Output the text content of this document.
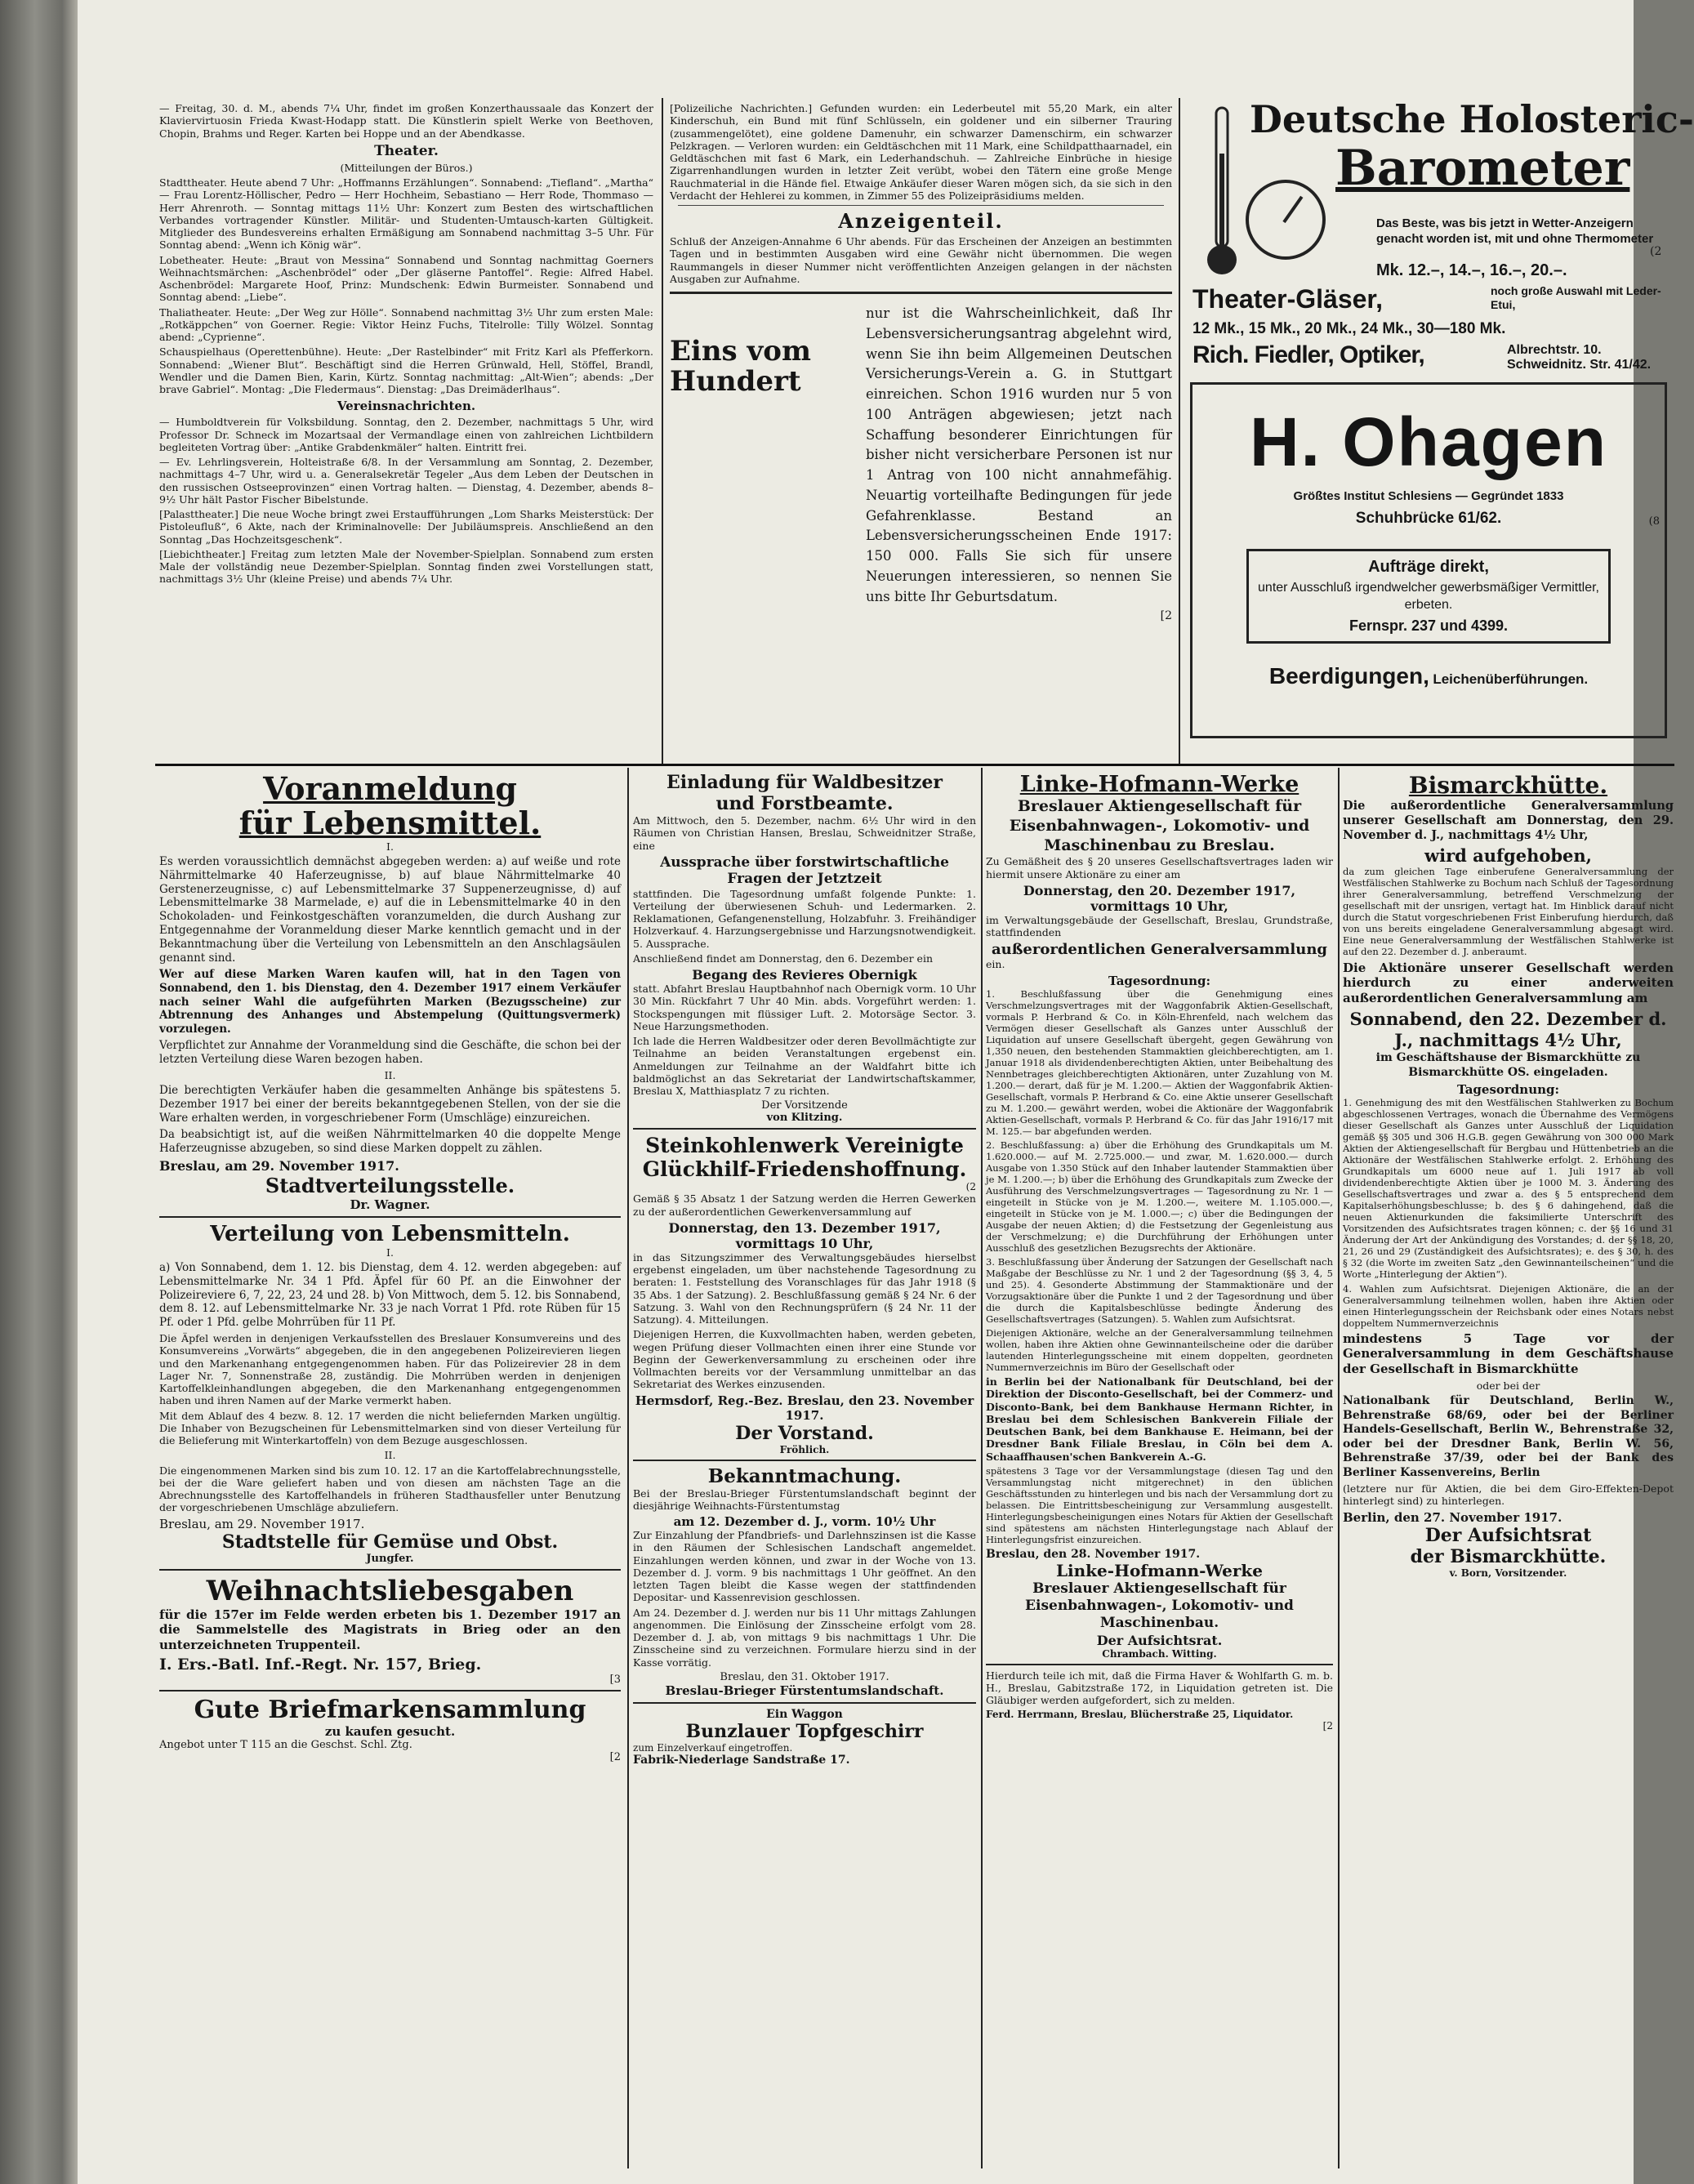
— Freitag, 30. d. M., abends 7¼ Uhr, findet im großen Konzerthaussaale das Konzert der Klaviervirtuosin Frieda Kwast-Hodapp statt. Die Künstlerin spielt Werke von Beethoven, Chopin, Brahms und Reger. Karten bei Hoppe und an der Abendkasse.

Theater.

(Mitteilungen der Büros.)

Stadttheater. Heute abend 7 Uhr: „Hoffmanns Erzählungen“. Sonnabend: „Tiefland“. „Martha“ — Frau Lorentz-Höllischer, Pedro — Herr Hochheim, Sebastiano — Herr Rode, Thommaso — Herr Ahrenroth. — Sonntag mittags 11½ Uhr: Konzert zum Besten des wirtschaftlichen Verbandes vortragender Künstler. Militär- und Studenten-Umtausch-karten Gültigkeit. Mitglieder des Bundesvereins erhalten Ermäßigung am Sonnabend nachmittag 3–5 Uhr. Für Sonntag abend: „Wenn ich König wär“.

Lobetheater. Heute: „Braut von Messina“ Sonnabend und Sonntag nachmittag Goerners Weihnachtsmärchen: „Aschenbrödel“ oder „Der gläserne Pantoffel“. Regie: Alfred Habel. Aschenbrödel: Margarete Hoof, Prinz: Mundschenk: Edwin Burmeister. Sonnabend und Sonntag abend: „Liebe“.

Thaliatheater. Heute: „Der Weg zur Hölle“. Sonnabend nachmittag 3½ Uhr zum ersten Male: „Rotkäppchen“ von Goerner. Regie: Viktor Heinz Fuchs, Titelrolle: Tilly Wölzel. Sonntag abend: „Cyprienne“.

Schauspielhaus (Operettenbühne). Heute: „Der Rastelbinder“ mit Fritz Karl als Pfefferkorn. Sonnabend: „Wiener Blut“. Beschäftigt sind die Herren Grünwald, Hell, Stöffel, Brandl, Wendler und die Damen Bien, Karin, Kürtz. Sonntag nachmittag: „Alt-Wien“; abends: „Der brave Gabriel“. Montag: „Die Fledermaus“. Dienstag: „Das Dreimäderlhaus“.

Vereinsnachrichten.

— Humboldtverein für Volksbildung. Sonntag, den 2. Dezember, nachmittags 5 Uhr, wird Professor Dr. Schneck im Mozartsaal der Vermandlage einen von zahlreichen Lichtbildern begleiteten Vortrag über: „Antike Grabdenkmäler“ halten. Eintritt frei.

— Ev. Lehrlingsverein, Holteistraße 6/8. In der Versammlung am Sonntag, 2. Dezember, nachmittags 4–7 Uhr, wird u. a. Generalsekretär Tegeler „Aus dem Leben der Deutschen in den russischen Ostseeprovinzen“ einen Vortrag halten. — Dienstag, 4. Dezember, abends 8–9½ Uhr hält Pastor Fischer Bibelstunde.

[Palasttheater.] Die neue Woche bringt zwei Erstaufführungen „Lom Sharks Meisterstück: Der Pistoleufluß“, 6 Akte, nach der Kriminalnovelle: Der Jubiläumspreis. Anschließend an den Sonntag „Das Hochzeitsgeschenk“.

[Liebichtheater.] Freitag zum letzten Male der November-Spielplan. Sonnabend zum ersten Male der vollständig neue Dezember-Spielplan. Sonntag finden zwei Vorstellungen statt, nachmittags 3½ Uhr (kleine Preise) und abends 7¼ Uhr.

[Polizeiliche Nachrichten.] Gefunden wurden: ein Lederbeutel mit 55,20 Mark, ein alter Kinderschuh, ein Bund mit fünf Schlüsseln, ein goldener und ein silberner Trauring (zusammengelötet), eine goldene Damenuhr, ein schwarzer Damenschirm, ein schwarzer Pelzkragen. — Verloren wurden: ein Geldtäschchen mit 11 Mark, eine Schildpatthaarnadel, ein Geldtäschchen mit fast 6 Mark, ein Lederhandschuh. — Zahlreiche Einbrüche in hiesige Zigarrenhandlungen wurden in letzter Zeit verübt, wobei den Tätern eine große Menge Rauchmaterial in die Hände fiel. Etwaige Ankäufer dieser Waren mögen sich, da sie sich in den Verdacht der Hehlerei zu kommen, in Zimmer 55 des Polizeipräsidiums melden.

Anzeigenteil.

Schluß der Anzeigen-Annahme 6 Uhr abends. Für das Erscheinen der Anzeigen an bestimmten Tagen und in bestimmten Ausgaben wird eine Gewähr nicht übernommen. Die wegen Raummangels in dieser Nummer nicht veröffentlichten Anzeigen gelangen in der nächsten Ausgaben zur Aufnahme.

Eins vom Hundert

nur ist die Wahrscheinlichkeit, daß Ihr Lebensversicherungsantrag abgelehnt wird, wenn Sie ihn beim Allgemeinen Deutschen Versicherungs-Verein a. G. in Stuttgart einreichen. Schon 1916 wurden nur 5 von 100 Anträgen abgewiesen; jetzt nach Schaffung besonderer Einrichtungen für bisher nicht versicherbare Personen ist nur 1 Antrag von 100 nicht annahmefähig. Neuartig vorteilhafte Bedingungen für jede Gefahrenklasse. Bestand an Lebensversicherungsscheinen Ende 1917: 150 000. Falls Sie sich für unsere Neuerungen interessieren, so nennen Sie uns bitte Ihr Geburtsdatum.

[2
Deutsche Holosteric-
Barometer

Das Beste, was bis jetzt in Wetter-Anzeigern genacht worden ist, mit und ohne Thermometer

Mk. 12.–, 14.–, 16.–, 20.–.
(2
Theater-Gläser,	noch große Auswahl mit Leder-Etui,
12 Mk., 15 Mk., 20 Mk., 24 Mk., 30—180 Mk.
Rich. Fiedler, Optiker,	Albrechtstr. 10.
Schweidnitz. Str. 41/42.
H. Ohagen
Größtes Institut Schlesiens — Gegründet 1833
Schuhbrücke 61/62.	(8
Aufträge direkt,
unter Ausschluß irgendwelcher gewerbsmäßiger Vermittler, erbeten.
Fernspr. 237 und 4399.
Beerdigungen, Leichenüberführungen.
Voranmeldung
für Lebensmittel.
I.

Es werden voraussichtlich demnächst abgegeben werden: a) auf weiße und rote Nährmittelmarke 40 Haferzeugnisse, b) auf blaue Nährmittelmarke 40 Gerstenerzeugnisse, c) auf Lebensmittelmarke 37 Suppenerzeugnisse, d) auf Lebensmittelmarke 38 Marmelade, e) auf die in Lebensmittelmarke 40 in den Schokoladen- und Feinkostgeschäften voranzumelden, die durch Aushang zur Entgegennahme der Voranmeldung dieser Marke kenntlich gemacht und in der Bekanntmachung über die Verteilung von Lebensmitteln an den Anschlagsäulen genannt sind.

Wer auf diese Marken Waren kaufen will, hat in den Tagen von Sonnabend, den 1. bis Dienstag, den 4. Dezember 1917 einem Verkäufer nach seiner Wahl die aufgeführten Marken (Bezugsscheine) zur Abtrennung des Anhanges und Abstempelung (Quittungsvermerk) vorzulegen.

Verpflichtet zur Annahme der Voranmeldung sind die Geschäfte, die schon bei der letzten Verteilung diese Waren bezogen haben.

II.

Die berechtigten Verkäufer haben die gesammelten Anhänge bis spätestens 5. Dezember 1917 bei einer der bereits bekanntgegebenen Stellen, von der sie die Ware erhalten werden, in vorgeschriebener Form (Umschläge) einzureichen.

Da beabsichtigt ist, auf die weißen Nährmittelmarken 40 die doppelte Menge Haferzeugnisse abzugeben, so sind diese Marken doppelt zu zählen.

Breslau, am 29. November 1917.
Stadtverteilungsstelle.
Dr. Wagner.
Verteilung von Lebensmitteln.
I.

a) Von Sonnabend, dem 1. 12. bis Dienstag, dem 4. 12. werden abgegeben: auf Lebensmittelmarke Nr. 34 1 Pfd. Äpfel für 60 Pf. an die Einwohner der Polizeireviere 6, 7, 22, 23, 24 und 28. b) Von Mittwoch, dem 5. 12. bis Sonnabend, dem 8. 12. auf Lebensmittelmarke Nr. 33 je nach Vorrat 1 Pfd. rote Rüben für 15 Pf. oder 1 Pfd. gelbe Mohrrüben für 11 Pf.

Die Äpfel werden in denjenigen Verkaufsstellen des Breslauer Konsumvereins und des Konsumvereins „Vorwärts“ abgegeben, die in den angegebenen Polizeirevieren liegen und den Markenanhang entgegengenommen haben. Für das Polizeirevier 28 in dem Lager Nr. 7, Sonnenstraße 28, zuständig. Die Mohrrüben werden in denjenigen Kartoffelkleinhandlungen abgegeben, die den Markenanhang entgegengenommen haben und ihren Namen auf der Marke vermerkt haben.

Mit dem Ablauf des 4 bezw. 8. 12. 17 werden die nicht beliefernden Marken ungültig. Die Inhaber von Bezugscheinen für Lebensmittelmarken sind von dieser Verteilung für die Belieferung mit Winterkartoffeln) von dem Bezuge ausgeschlossen.

II.

Die eingenommenen Marken sind bis zum 10. 12. 17 an die Kartoffelabrechnungsstelle, bei der die Ware geliefert haben und von diesen am nächsten Tage an die Abrechnungsstelle des Kartoffelhandels in früheren Stadthausfeller unter Benutzung der vorgeschriebenen Umschläge abzuliefern.

Breslau, am 29. November 1917.
Stadtstelle für Gemüse und Obst.
Jungfer.
Weihnachtsliebesgaben

für die 157er im Felde werden erbeten bis 1. Dezember 1917 an die Sammelstelle des Magistrats in Brieg oder an den unterzeichneten Truppenteil.

I. Ers.-Batl. Inf.-Regt. Nr. 157, Brieg.
[3
Gute Briefmarkensammlung
zu kaufen gesucht.
Angebot unter T 115 an die Geschst. Schl. Ztg.
[2
Einladung für Waldbesitzer
und Forstbeamte.

Am Mittwoch, den 5. Dezember, nachm. 6½ Uhr wird in den Räumen von Christian Hansen, Breslau, Schweidnitzer Straße, eine

Aussprache über forstwirtschaftliche Fragen der Jetztzeit

stattfinden. Die Tagesordnung umfaßt folgende Punkte: 1. Verteilung der überwiesenen Schuh- und Ledermarken. 2. Reklamationen, Gefangenenstellung, Holzabfuhr. 3. Freihändiger Holzverkauf. 4. Harzungsergebnisse und Harzungsnotwendigkeit. 5. Aussprache.

Anschließend findet am Donnerstag, den 6. Dezember ein

Begang des Revieres Obernigk

statt. Abfahrt Breslau Hauptbahnhof nach Obernigk vorm. 10 Uhr 30 Min. Rückfahrt 7 Uhr 40 Min. abds. Vorgeführt werden: 1. Stockspengungen mit flüssiger Luft. 2. Motorsäge Sector. 3. Neue Harzungsmethoden.

Ich lade die Herren Waldbesitzer oder deren Bevollmächtigte zur Teilnahme an beiden Veranstaltungen ergebenst ein. Anmeldungen zur Teilnahme an der Waldfahrt bitte ich baldmöglichst an das Sekretariat der Landwirtschaftskammer, Breslau X, Matthiasplatz 7 zu richten.

Der Vorsitzende
von Klitzing.
Steinkohlenwerk Vereinigte
Glückhilf-Friedenshoffnung.
(2

Gemäß § 35 Absatz 1 der Satzung werden die Herren Gewerken zu der außerordentlichen Gewerkenversammlung auf

Donnerstag, den 13. Dezember 1917, vormittags 10 Uhr,

in das Sitzungszimmer des Verwaltungsgebäudes hierselbst ergebenst eingeladen, um über nachstehende Tagesordnung zu beraten: 1. Feststellung des Voranschlages für das Jahr 1918 (§ 35 Abs. 1 der Satzung). 2. Beschlußfassung gemäß § 24 Nr. 6 der Satzung. 3. Wahl von den Rechnungsprüfern (§ 24 Nr. 11 der Satzung). 4. Mitteilungen.

Diejenigen Herren, die Kuxvollmachten haben, werden gebeten, wegen Prüfung dieser Vollmachten einen ihrer eine Stunde vor Beginn der Gewerkenversammlung zu erscheinen oder ihre Vollmachten bereits vor der Versammlung unmittelbar an das Sekretariat des Werkes einzusenden.

Hermsdorf, Reg.-Bez. Breslau, den 23. November 1917.
Der Vorstand.
Fröhlich.
Bekanntmachung.

Bei der Breslau-Brieger Fürstentumslandschaft beginnt der diesjährige Weihnachts-Fürstentumstag

am 12. Dezember d. J., vorm. 10½ Uhr

Zur Einzahlung der Pfandbriefs- und Darlehnszinsen ist die Kasse in den Räumen der Schlesischen Landschaft angemeldet. Einzahlungen werden können, und zwar in der Woche von 13. Dezember d. J. vorm. 9 bis nachmittags 1 Uhr geöffnet. An den letzten Tagen bleibt die Kasse wegen der stattfindenden Depositar- und Kassenrevision geschlossen.

Am 24. Dezember d. J. werden nur bis 11 Uhr mittags Zahlungen angenommen. Die Einlösung der Zinsscheine erfolgt vom 28. Dezember d. J. ab, von mittags 9 bis nachmittags 1 Uhr. Die Zinsscheine sind zu verzeichnen. Formulare hierzu sind in der Kasse vorrätig.

Breslau, den 31. Oktober 1917.
Breslau-Brieger Fürstentumslandschaft.
Ein Waggon
Bunzlauer Topfgeschirr
zum Einzelverkauf eingetroffen.
Fabrik-Niederlage Sandstraße 17.
Linke-Hofmann-Werke
Breslauer Aktiengesellschaft für Eisenbahnwagen-, Lokomotiv- und Maschinenbau zu Breslau.

Zu Gemäßheit des § 20 unseres Gesellschaftsvertrages laden wir hiermit unsere Aktionäre zu einer am

Donnerstag, den 20. Dezember 1917, vormittags 10 Uhr,

im Verwaltungsgebäude der Gesellschaft, Breslau, Grundstraße, stattfindenden

außerordentlichen Generalversammlung

ein.

Tagesordnung:

1. Beschlußfassung über die Genehmigung eines Verschmelzungsvertrages mit der Waggonfabrik Aktien-Gesellschaft, vormals P. Herbrand & Co. in Köln-Ehrenfeld, nach welchem das Vermögen dieser Gesellschaft als Ganzes unter Ausschluß der Liquidation auf unsere Gesellschaft übergeht, gegen Gewährung von 1,350 neuen, den bestehenden Stammaktien gleichberechtigten, am 1. Januar 1918 als dividendenberechtigten Aktien, unter Beibehaltung des Nennbetrages gleichberechtigten Aktionären, unter Zuzahlung von M. 1.200.— derart, daß für je M. 1.200.— Aktien der Waggonfabrik Aktien-Gesellschaft, vormals P. Herbrand & Co. eine Aktie unserer Gesellschaft zu M. 1.200.— gewährt werden, wobei die Aktionäre der Waggonfabrik Aktien-Gesellschaft, vormals P. Herbrand & Co. für das Jahr 1916/17 mit M. 125.— bar abgefunden werden.

2. Beschlußfassung: a) über die Erhöhung des Grundkapitals um M. 1.620.000.— auf M. 2.725.000.— und zwar, M. 1.620.000.— durch Ausgabe von 1.350 Stück auf den Inhaber lautender Stammaktien über je M. 1.200.—; b) über die Erhöhung des Grundkapitals zum Zwecke der Ausführung des Verschmelzungsvertrages — Tagesordnung zu Nr. 1 — eingeteilt in Stücke von je M. 1.200.—, weitere M. 1.105.000.—, eingeteilt in Stücke von je M. 1.000.—; c) über die Bedingungen der Ausgabe der neuen Aktien; d) die Festsetzung der Gegenleistung aus der Verschmelzung; e) die Durchführung der Erhöhungen unter Ausschluß des gesetzlichen Bezugsrechts der Aktionäre.

3. Beschlußfassung über Änderung der Satzungen der Gesellschaft nach Maßgabe der Beschlüsse zu Nr. 1 und 2 der Tagesordnung (§§ 3, 4, 5 und 25). 4. Gesonderte Abstimmung der Stammaktionäre und der Vorzugsaktionäre über die Punkte 1 und 2 der Tagesordnung und über die durch die Kapitalsbeschlüsse bedingte Änderung des Gesellschaftsvertrages (Satzungen). 5. Wahlen zum Aufsichtsrat.

Diejenigen Aktionäre, welche an der Generalversammlung teilnehmen wollen, haben ihre Aktien ohne Gewinnanteilscheine oder die darüber lautenden Hinterlegungsscheine mit einem doppelten, geordneten Nummernverzeichnis im Büro der Gesellschaft oder

in Berlin bei der Nationalbank für Deutschland, bei der Direktion der Disconto-Gesellschaft, bei der Commerz- und Disconto-Bank, bei dem Bankhause Hermann Richter, in Breslau bei dem Schlesischen Bankverein Filiale der Deutschen Bank, bei dem Bankhause E. Heimann, bei der Dresdner Bank Filiale Breslau, in Cöln bei dem A. Schaaffhausen'schen Bankverein A.-G.

spätestens 3 Tage vor der Versammlungstage (diesen Tag und den Versammlungstag nicht mitgerechnet) in den üblichen Geschäftsstunden zu hinterlegen und bis nach der Versammlung dort zu belassen. Die Eintrittsbescheinigung zur Versammlung ausgestellt. Hinterlegungsbescheinigungen eines Notars für Aktien der Gesellschaft sind spätestens am nächsten Hinterlegungstage nach Ablauf der Hinterlegungsfrist einzureichen.

Breslau, den 28. November 1917.
Linke-Hofmann-Werke
Breslauer Aktiengesellschaft für Eisenbahnwagen-, Lokomotiv- und Maschinenbau.
Der Aufsichtsrat.
Chrambach. Witting.

Hierdurch teile ich mit, daß die Firma Haver & Wohlfarth G. m. b. H., Breslau, Gabitzstraße 172, in Liquidation getreten ist. Die Gläubiger werden aufgefordert, sich zu melden.

Ferd. Herrmann, Breslau, Blücherstraße 25, Liquidator.
[2
Bismarckhütte.

Die außerordentliche Generalversammlung unserer Gesellschaft am Donnerstag, den 29. November d. J., nachmittags 4½ Uhr,

wird aufgehoben,

da zum gleichen Tage einberufene Generalversammlung der Westfälischen Stahlwerke zu Bochum nach Schluß der Tagesordnung ihrer Generalversammlung, betreffend Verschmelzung der gesellschaft mit der unsrigen, vertagt hat. Im Hinblick darauf nicht durch die Statut vorgeschriebenen Frist Einberufung hierdurch, daß von uns bereits eingeladene Generalversammlung abgesagt wird. Eine neue Generalversammlung der Westfälischen Stahlwerke ist auf den 22. Dezember d. J. anberaumt.

Die Aktionäre unserer Gesellschaft werden hierdurch zu einer anderweiten außerordentlichen Generalversammlung am

Sonnabend, den 22. Dezember d. J., nachmittags 4½ Uhr,

im Geschäftshause der Bismarckhütte zu Bismarckhütte OS. eingeladen.

Tagesordnung:

1. Genehmigung des mit den Westfälischen Stahlwerken zu Bochum abgeschlossenen Vertrages, wonach die Übernahme des Vermögens dieser Gesellschaft als Ganzes unter Ausschluß der Liquidation gemäß §§ 305 und 306 H.G.B. gegen Gewährung von 300 000 Mark Aktien der Aktiengesellschaft für Bergbau und Hüttenbetrieb an die Aktionäre der Westfälischen Stahlwerke erfolgt. 2. Erhöhung des Grundkapitals um 6000 neue auf 1. Juli 1917 ab voll dividendenberechtigte Aktien über je 1000 M. 3. Änderung des Gesellschaftsvertrages und zwar a. des § 5 entsprechend dem Kapitalserhöhungsbeschlusse; b. des § 6 dahingehend, daß die neuen Aktienurkunden die faksimilierte Unterschrift des Vorsitzenden des Aufsichtsrates tragen können; c. der §§ 16 und 31 Änderung der Art der Ankündigung des Vorstandes; d. der §§ 18, 20, 21, 26 und 29 (Zuständigkeit des Aufsichtsrates); e. des § 30, h. des § 32 (die Worte im zweiten Satz „den Gewinnanteilscheinen“ und die Worte „Hinterlegung der Aktien“).

4. Wahlen zum Aufsichtsrat. Diejenigen Aktionäre, die an der Generalversammlung teilnehmen wollen, haben ihre Aktien oder einen Hinterlegungsschein der Reichsbank oder eines Notars nebst doppeltem Nummernverzeichnis

mindestens 5 Tage vor der Generalversammlung in dem Geschäftshause der Gesellschaft in Bismarckhütte

oder bei der

Nationalbank für Deutschland, Berlin W., Behrenstraße 68/69, oder bei der Berliner Handels-Gesellschaft, Berlin W., Behrenstraße 32, oder bei der Dresdner Bank, Berlin W. 56, Behrenstraße 37/39, oder bei der Bank des Berliner Kassenvereins, Berlin

(letztere nur für Aktien, die bei dem Giro-Effekten-Depot hinterlegt sind) zu hinterlegen.

Berlin, den 27. November 1917.
Der Aufsichtsrat
der Bismarckhütte.
v. Born, Vorsitzender.
